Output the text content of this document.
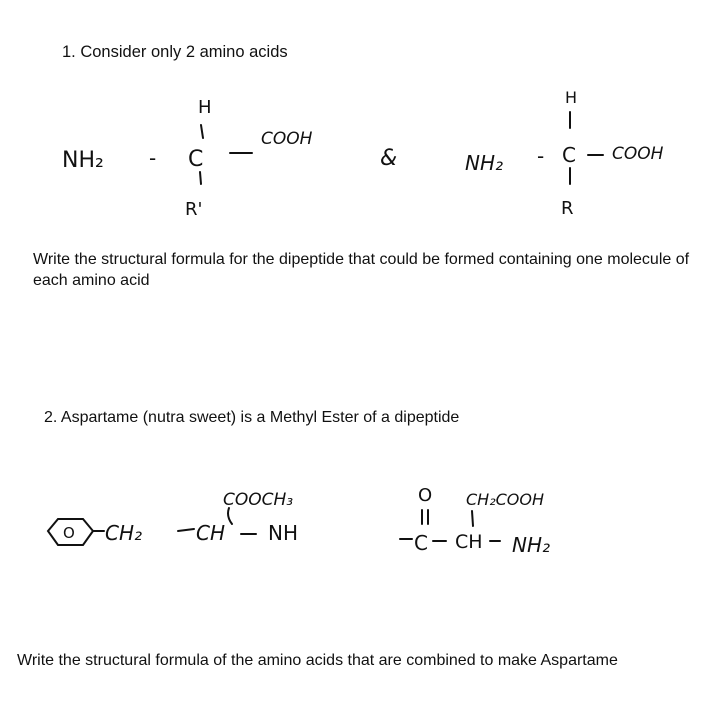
1. Consider only 2 amino acids

NH₂ -
H
C
R'
COOH
&	NH₂ -
H
C
R
COOH

Write the structural formula for the dipeptide that could be formed containing one molecule of each amino acid

2. Aspartame (nutra sweet) is a Methyl Ester of a dipeptide

O CH₂	CH
COOCH₃
NH
O
C CH
CH₂COOH
NH₂

Write the structural formula of the amino acids that are combined to make Aspartame
